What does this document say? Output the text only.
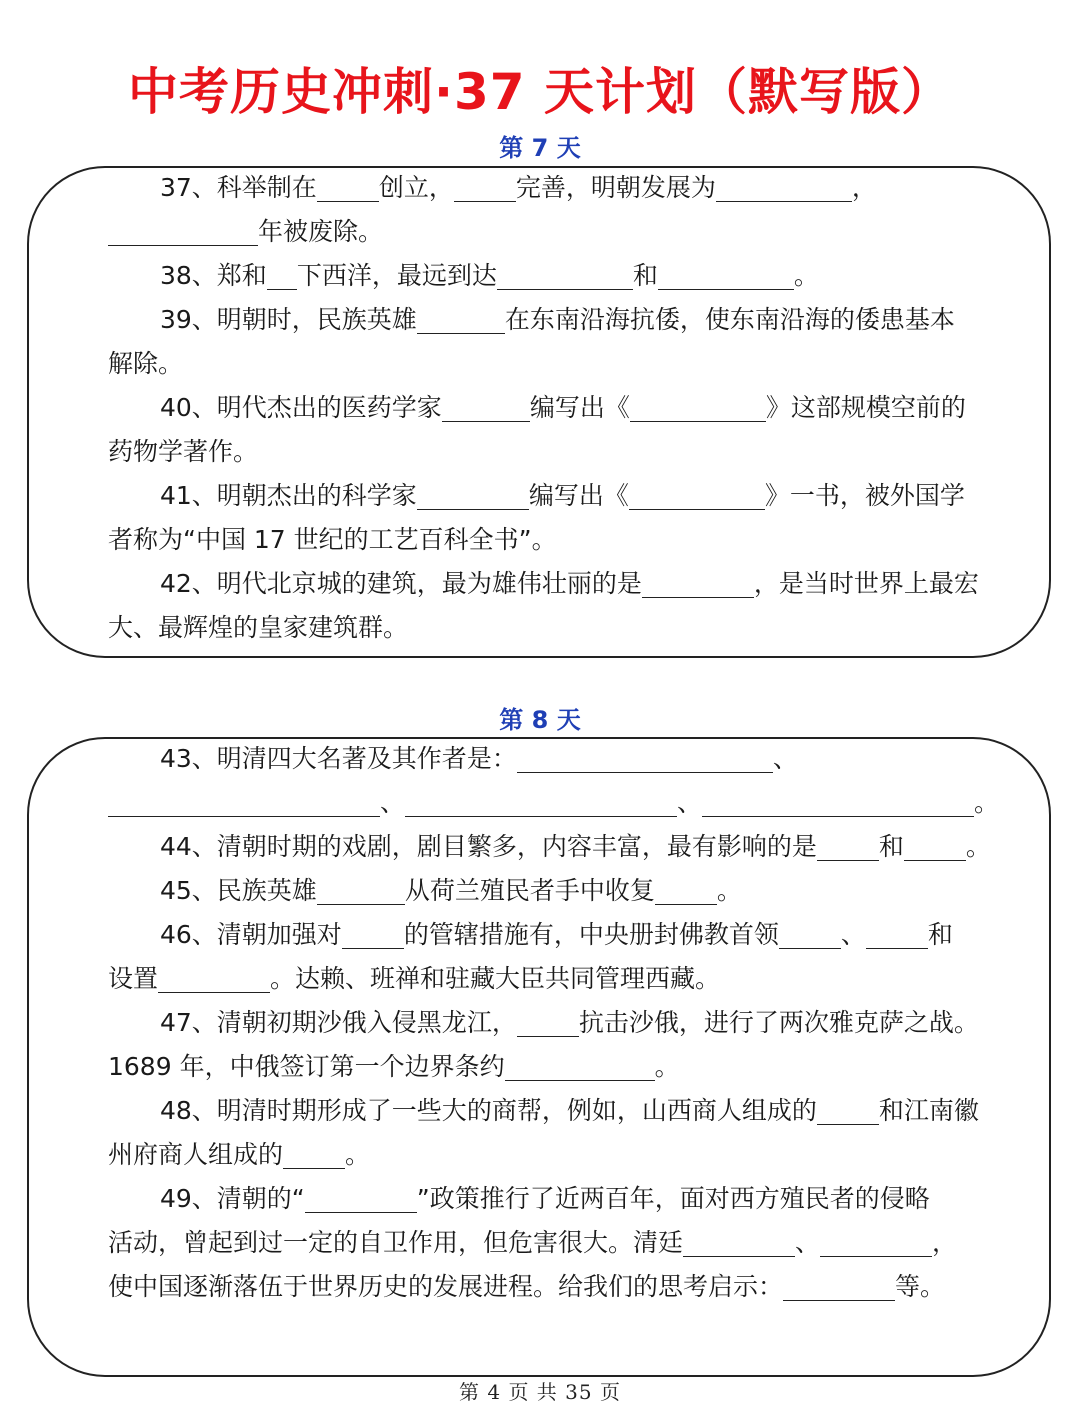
中考历史冲刺·37 天计划（默写版）
第 7 天

37、科举制在 创立， 完善，明朝发展为	，

年被废除。

38、郑和 下西洋，最远到达	和	。

39、明朝时，民族英雄	在东南沿海抗倭，使东南沿海的倭患基本

解除。

40、明代杰出的医药学家	编写出《	》这部规模空前的

药物学著作。

41、明朝杰出的科学家	编写出《	》一书，被外国学

者称为“中国 17 世纪的工艺百科全书”。

42、明代北京城的建筑，最为雄伟壮丽的是	，是当时世界上最宏

大、最辉煌的皇家建筑群。

第 8 天

43、明清四大名著及其作者是：	、

、	、	。

44、清朝时期的戏剧，剧目繁多，内容丰富，最有影响的是 和 。

45、民族英雄	从荷兰殖民者手中收复 。

46、清朝加强对 的管辖措施有，中央册封佛教首领 、 和

设置	。达赖、班禅和驻藏大臣共同管理西藏。

47、清朝初期沙俄入侵黑龙江， 抗击沙俄，进行了两次雅克萨之战。

1689 年，中俄签订第一个边界条约	。

48、明清时期形成了一些大的商帮，例如，山西商人组成的 和江南徽

州府商人组成的 。

49、清朝的“	”政策推行了近两百年，面对西方殖民者的侵略

活动，曾起到过一定的自卫作用，但危害很大。清廷	、	，

使中国逐渐落伍于世界历史的发展进程。给我们的思考启示：	等。

第 4 页 共 35 页
